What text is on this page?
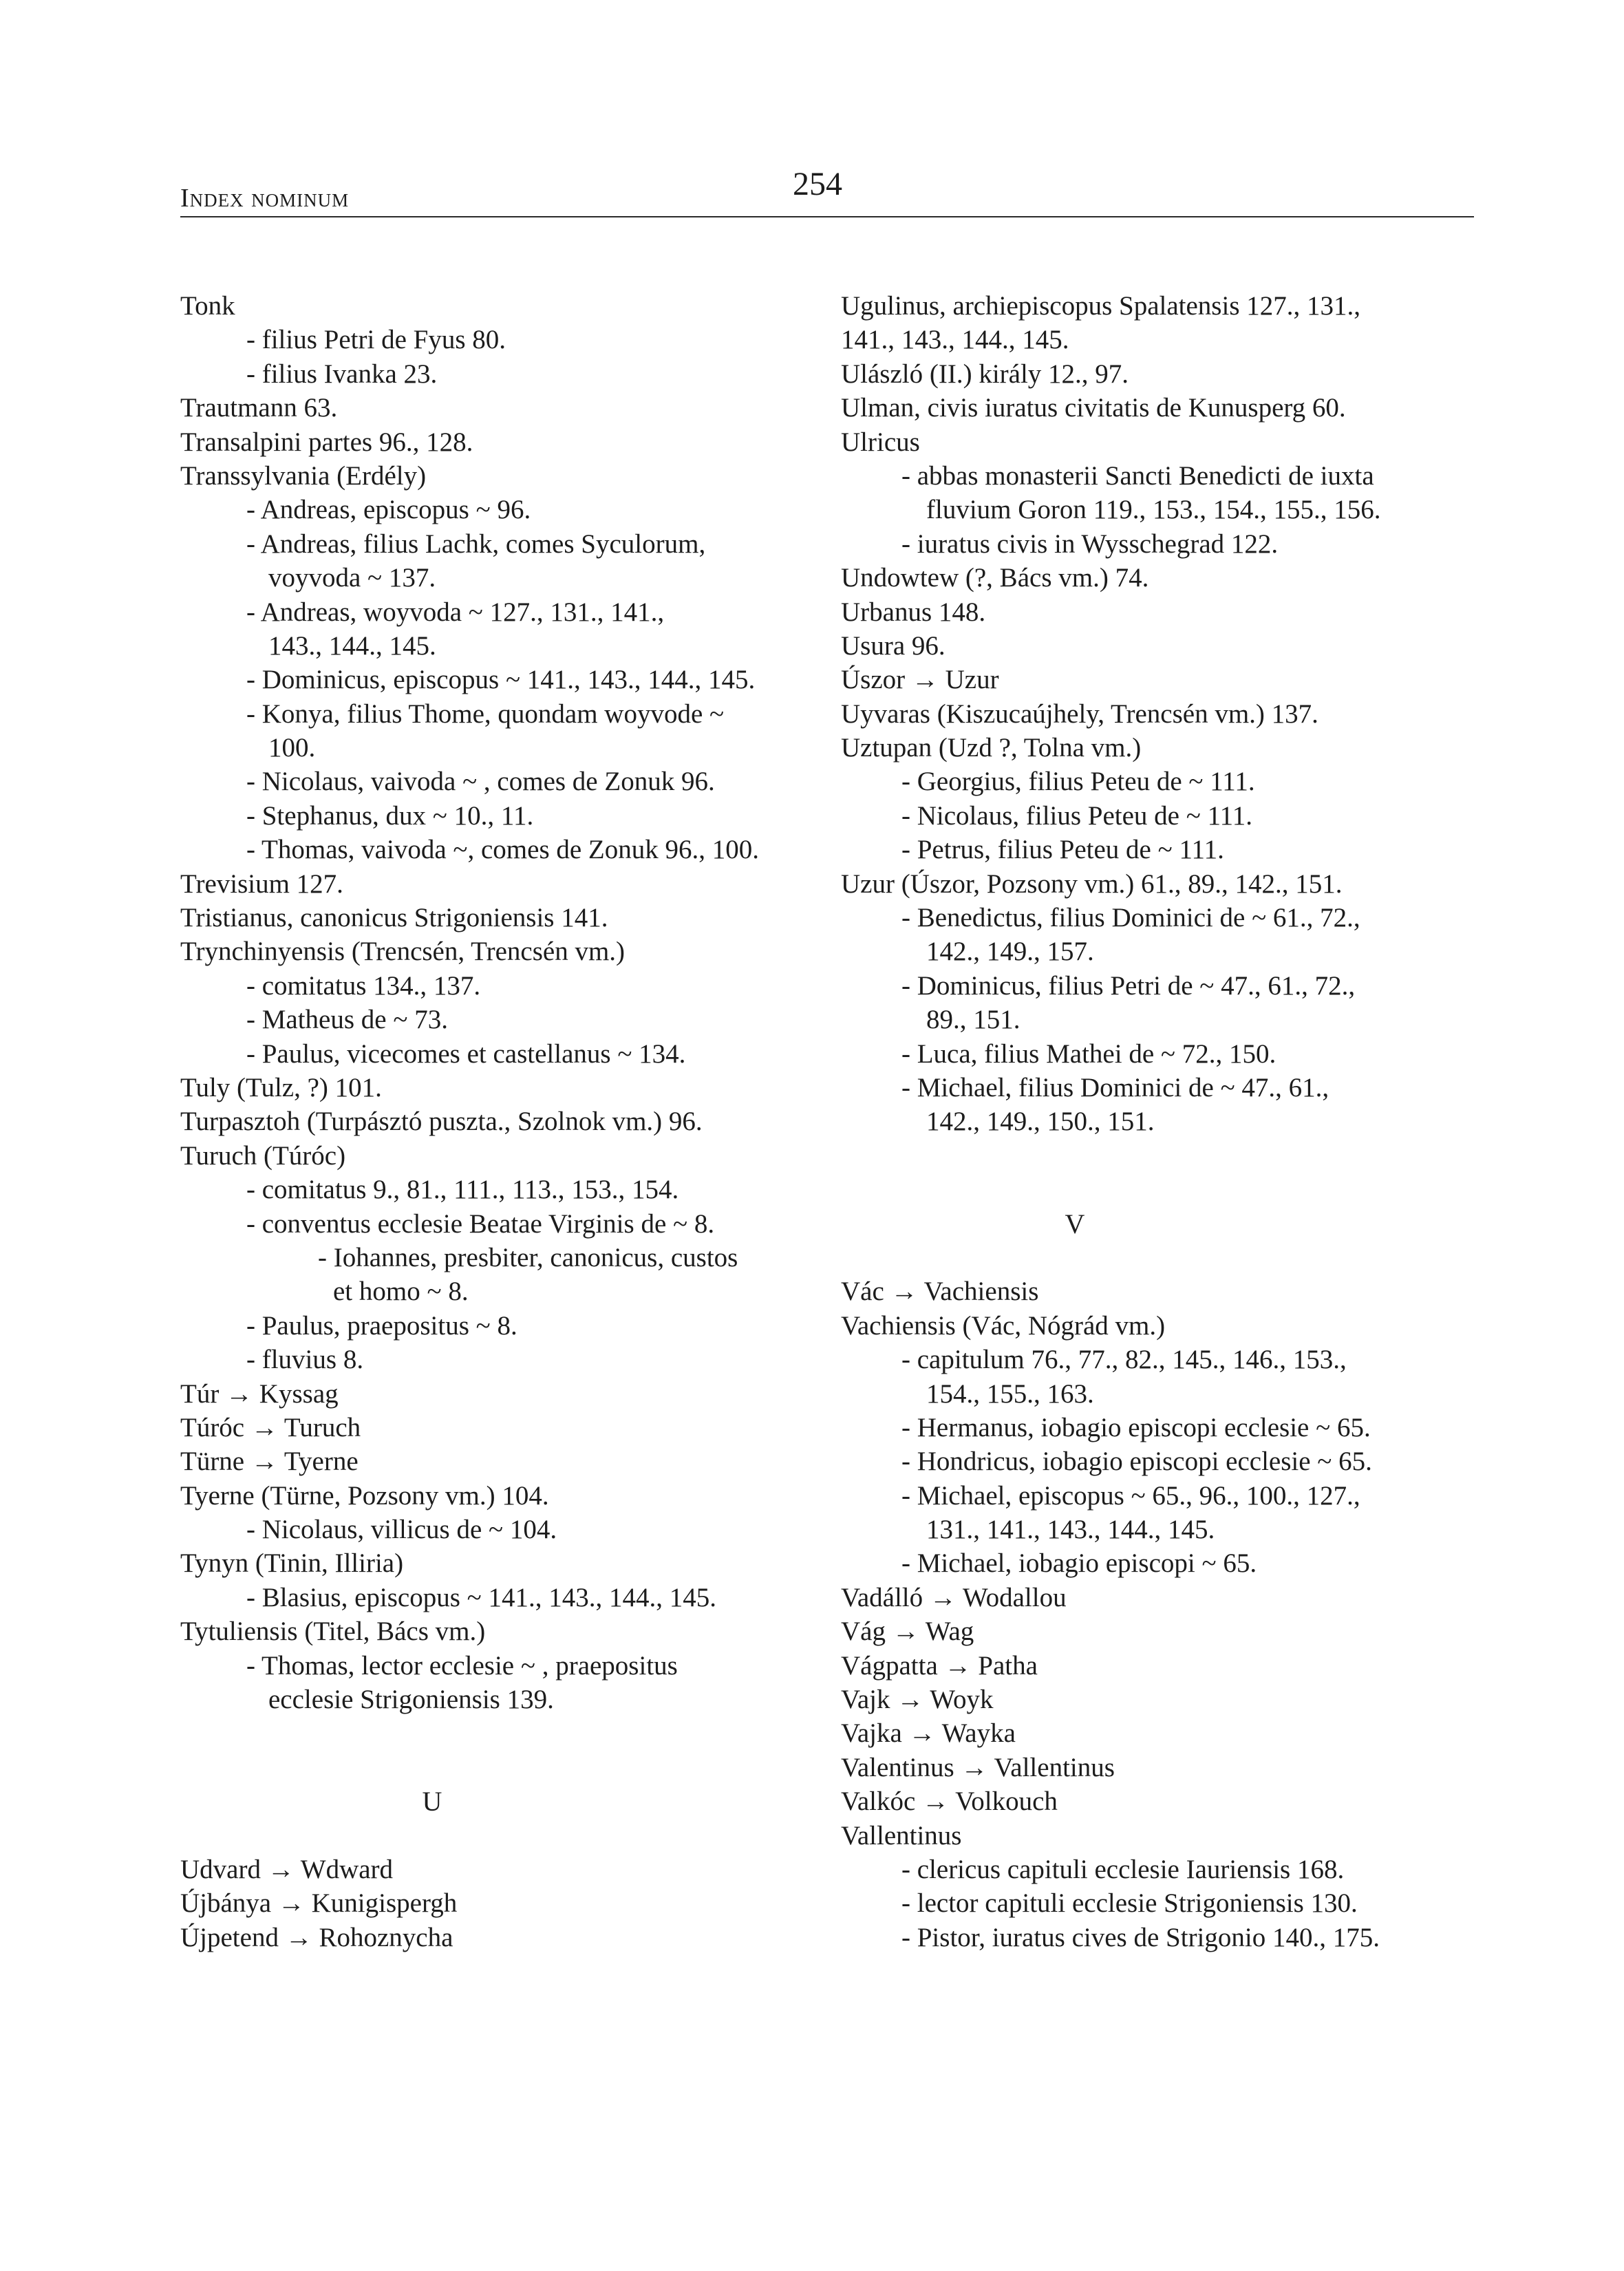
Index nominum	254
Tonk
- filius Petri de Fyus 80.
- filius Ivanka 23.
Trautmann 63.
Transalpini partes 96., 128.
Transsylvania (Erdély)
- Andreas, episcopus ~ 96.
- Andreas, filius Lachk, comes Syculorum,
voyvoda ~ 137.
- Andreas, woyvoda ~ 127., 131., 141.,
143., 144., 145.
- Dominicus, episcopus ~ 141., 143., 144., 145.
- Konya, filius Thome, quondam woyvode ~
100.
- Nicolaus, vaivoda ~ , comes de Zonuk 96.
- Stephanus, dux ~ 10., 11.
- Thomas, vaivoda ~, comes de Zonuk 96., 100.
Trevisium 127.
Tristianus, canonicus Strigoniensis 141.
Trynchinyensis (Trencsén, Trencsén vm.)
- comitatus 134., 137.
- Matheus de ~ 73.
- Paulus, vicecomes et castellanus ~ 134.
Tuly (Tulz, ?) 101.
Turpasztoh (Turpásztó puszta., Szolnok vm.) 96.
Turuch (Túróc)
- comitatus 9., 81., 111., 113., 153., 154.
- conventus ecclesie Beatae Virginis de ~ 8.
- Iohannes, presbiter, canonicus, custos
et homo ~ 8.
- Paulus, praepositus ~ 8.
- fluvius 8.
Túr → Kyssag
Túróc → Turuch
Türne → Tyerne
Tyerne (Türne, Pozsony vm.) 104.
- Nicolaus, villicus de ~ 104.
Tynyn (Tinin, Illiria)
- Blasius, episcopus ~ 141., 143., 144., 145.
Tytuliensis (Titel, Bács vm.)
- Thomas, lector ecclesie ~ , praepositus
ecclesie Strigoniensis 139.
U
Udvard → Wdward
Újbánya → Kunigispergh
Újpetend → Rohoznycha
Ugulinus, archiepiscopus Spalatensis 127., 131.,
141., 143., 144., 145.
Ulászló (II.) király 12., 97.
Ulman, civis iuratus civitatis de Kunusperg 60.
Ulricus
- abbas monasterii Sancti Benedicti de iuxta
fluvium Goron 119., 153., 154., 155., 156.
- iuratus civis in Wysschegrad 122.
Undowtew (?, Bács vm.) 74.
Urbanus 148.
Usura 96.
Úszor → Uzur
Uyvaras (Kiszucaújhely, Trencsén vm.) 137.
Uztupan (Uzd ?, Tolna vm.)
- Georgius, filius Peteu de ~ 111.
- Nicolaus, filius Peteu de ~ 111.
- Petrus, filius Peteu de ~ 111.
Uzur (Úszor, Pozsony vm.) 61., 89., 142., 151.
- Benedictus, filius Dominici de ~ 61., 72.,
142., 149., 157.
- Dominicus, filius Petri de ~ 47., 61., 72.,
89., 151.
- Luca, filius Mathei de ~ 72., 150.
- Michael, filius Dominici de ~ 47., 61.,
142., 149., 150., 151.
V
Vác → Vachiensis
Vachiensis (Vác, Nógrád vm.)
- capitulum 76., 77., 82., 145., 146., 153.,
154., 155., 163.
- Hermanus, iobagio episcopi ecclesie ~ 65.
- Hondricus, iobagio episcopi ecclesie ~ 65.
- Michael, episcopus ~ 65., 96., 100., 127.,
131., 141., 143., 144., 145.
- Michael, iobagio episcopi ~ 65.
Vadálló → Wodallou
Vág → Wag
Vágpatta → Patha
Vajk → Woyk
Vajka → Wayka
Valentinus → Vallentinus
Valkóc → Volkouch
Vallentinus
- clericus capituli ecclesie Iauriensis 168.
- lector capituli ecclesie Strigoniensis 130.
- Pistor, iuratus cives de Strigonio 140., 175.
